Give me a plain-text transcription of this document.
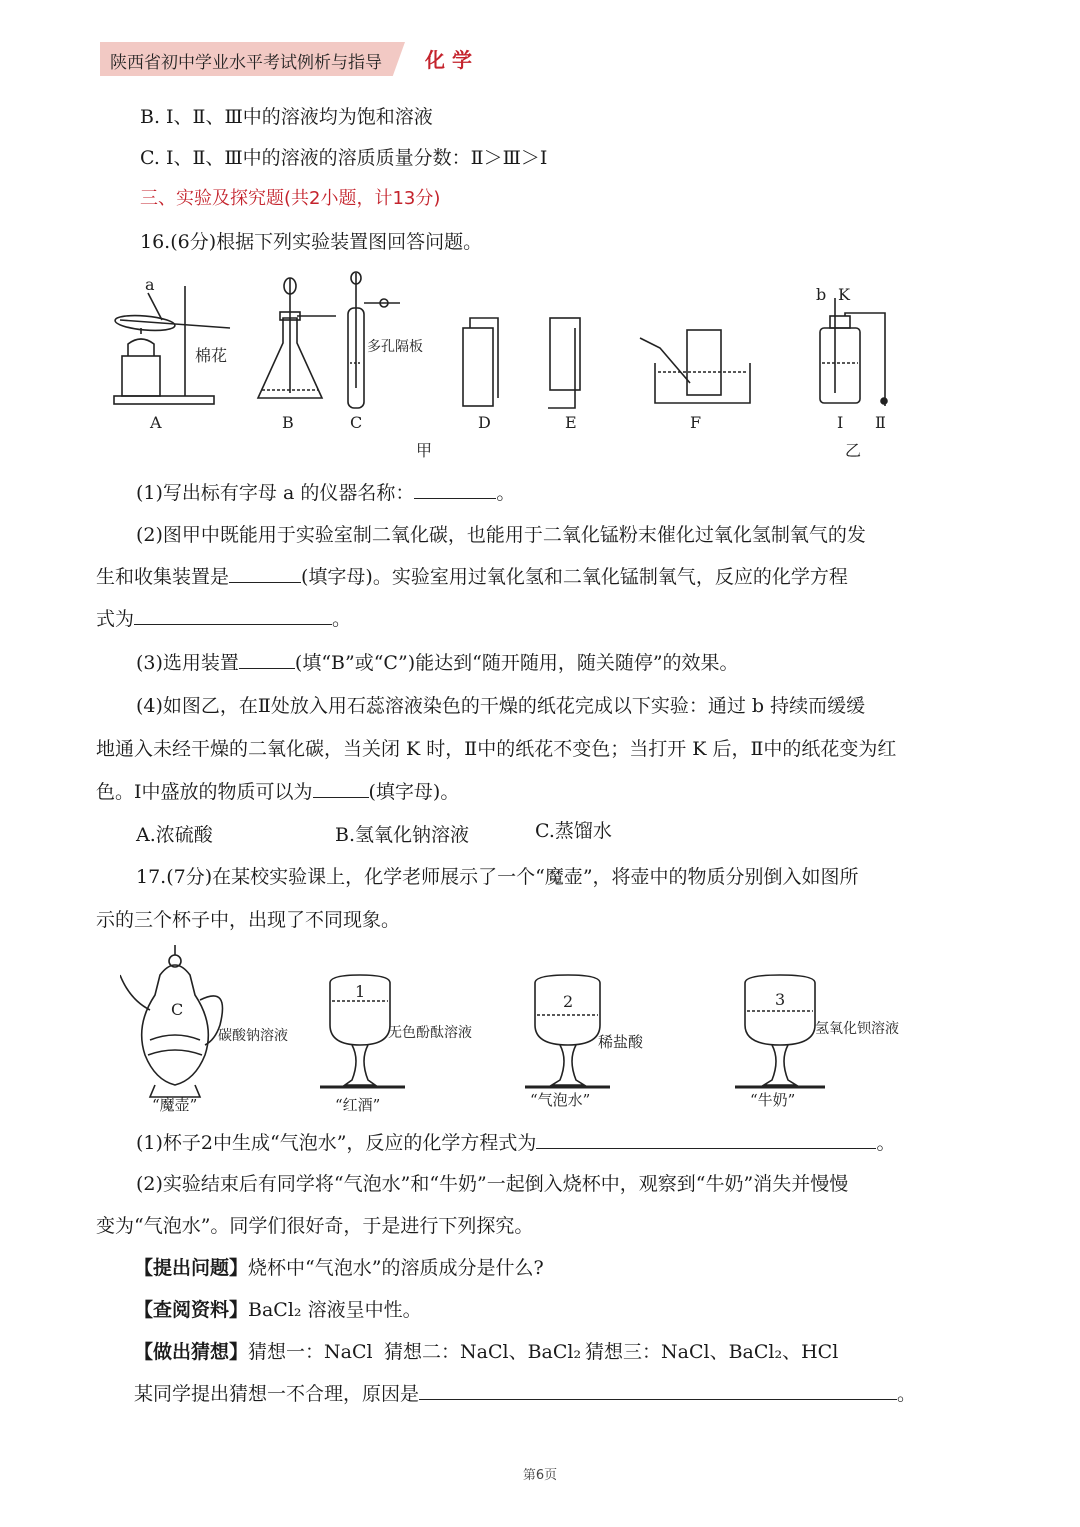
陕西省初中学业水平考试例析与指导 化 学
B. Ⅰ、Ⅱ、Ⅲ中的溶液均为饱和溶液
C. Ⅰ、Ⅱ、Ⅲ中的溶液的溶质质量分数：Ⅱ＞Ⅲ＞Ⅰ
三、实验及探究题(共2小题，计13分)
16.(6分)根据下列实验装置图回答问题。
a
棉花	多孔隔板
b K
A	B	C	D	E	F	Ⅰ Ⅱ
甲	乙
(1)写出标有字母 a 的仪器名称：	。
(2)图甲中既能用于实验室制二氧化碳，也能用于二氧化锰粉末催化过氧化氢制氧气的发
生和收集装置是	(填字母)。实验室用过氧化氢和二氧化锰制氧气，反应的化学方程
式为	。
(3)选用装置	(填“B”或“C”)能达到“随开随用，随关随停”的效果。
(4)如图乙，在Ⅱ处放入用石蕊溶液染色的干燥的纸花完成以下实验：通过 b 持续而缓缓
地通入未经干燥的二氧化碳，当关闭 K 时，Ⅱ中的纸花不变色；当打开 K 后，Ⅱ中的纸花变为红
色。Ⅰ中盛放的物质可以为	(填字母)。
A.浓硫酸	B.氢氧化钠溶液	C.蒸馏水
17.(7分)在某校实验课上，化学老师展示了一个“魔壶”，将壶中的物质分别倒入如图所
示的三个杯子中，出现了不同现象。
C
碳酸钠溶液
“魔壶”
1
无色酚酞溶液
“红酒”
2
稀盐酸
“气泡水”
3
氢氧化钡溶液
“牛奶”
(1)杯子2中生成“气泡水”，反应的化学方程式为	。
(2)实验结束后有同学将“气泡水”和“牛奶”一起倒入烧杯中，观察到“牛奶”消失并慢慢
变为“气泡水”。同学们很好奇，于是进行下列探究。
【提出问题】烧杯中“气泡水”的溶质成分是什么?
【查阅资料】BaCl₂ 溶液呈中性。
【做出猜想】猜想一：NaCl 猜想二：NaCl、BaCl₂ 猜想三：NaCl、BaCl₂、HCl
某同学提出猜想一不合理，原因是	。
第6页
